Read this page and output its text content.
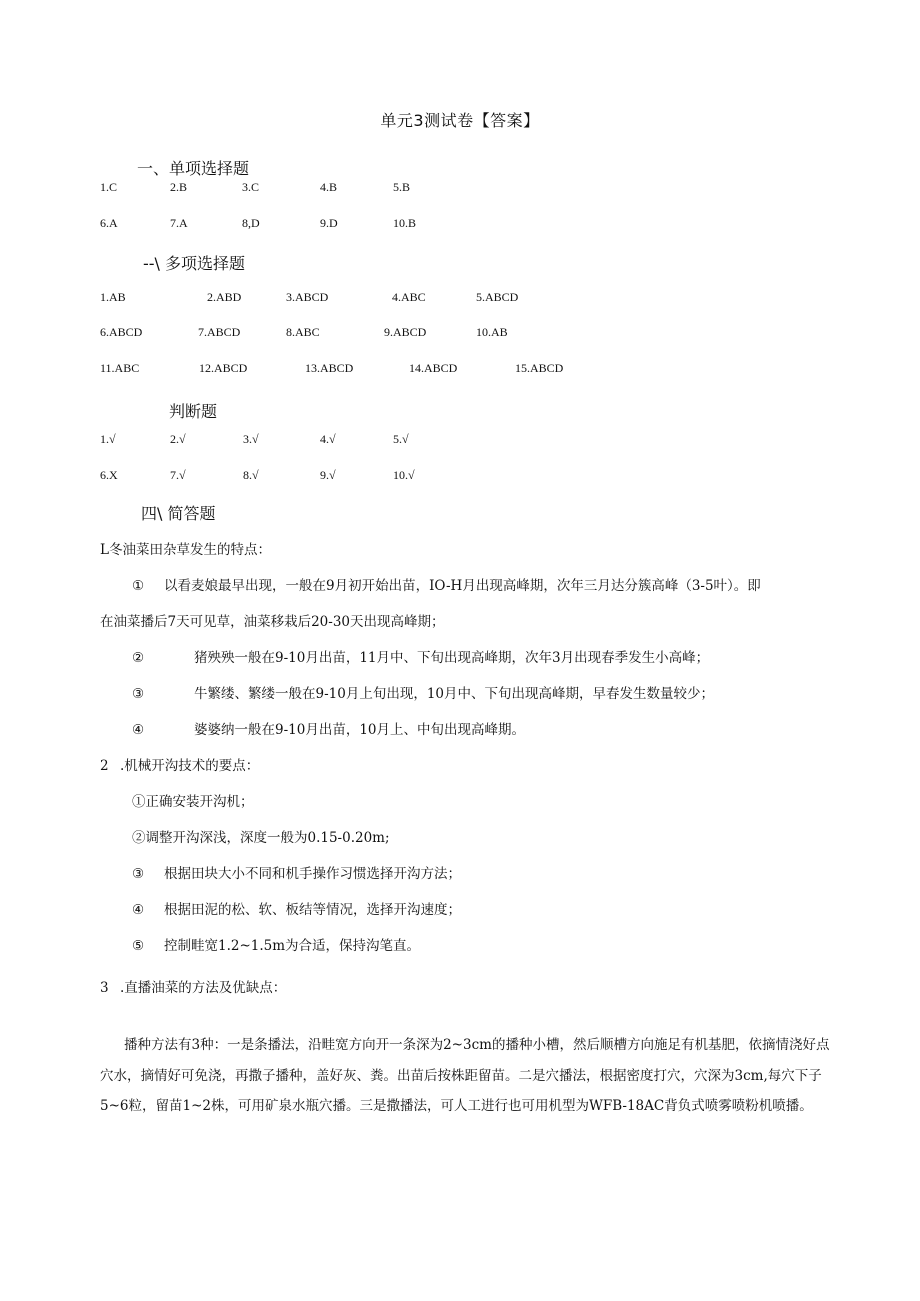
单元3测试卷【答案】
一、单项选择题
1.C	2.B	3.C	4.B	5.B
6.A	7.A	8,D	9.D	10.B
--\ 多项选择题
1.AB	2.ABD	3.ABCD	4.ABC	5.ABCD
6.ABCD	7.ABCD	8.ABC	9.ABCD	10.AB
11.ABC	12.ABCD	13.ABCD	14.ABCD	15.ABCD
判断题
1.√	2.√	3.√	4.√	5.√
6.X	7.√	8.√	9.√	10.√
四\ 简答题
L冬油菜田杂草发生的特点：
① 以看麦娘最早出现，一般在9月初开始出苗，IO-H月出现高峰期，次年三月达分簇高峰（3-5叶）。即
在油菜播后7天可见草，油菜移栽后20-30天出现高峰期；
②	猪殃殃一般在9-10月出苗，11月中、下旬出现高峰期，次年3月出现春季发生小高峰；
③	牛繁缕、繁缕一般在9-10月上旬出现，10月中、下旬出现高峰期，早春发生数量较少；
④	婆婆纳一般在9-10月出苗，10月上、中旬出现高峰期。
2 .机械开沟技术的要点：
①正确安装开沟机；
②调整开沟深浅，深度一般为0.15-0.20m;
③ 根据田块大小不同和机手操作习惯选择开沟方法；
④ 根据田泥的松、软、板结等情况，选择开沟速度；
⑤ 控制畦宽1.2~1.5m为合适，保持沟笔直。
3 .直播油菜的方法及优缺点：
播种方法有3种：一是条播法，沿畦宽方向开一条深为2~3cm的播种小槽，然后顺槽方向施足有机基肥，依摘情浇好点穴水，摘情好可免浇，再撒子播种，盖好灰、粪。出苗后按株距留苗。二是穴播法，根据密度打穴，穴深为3cm,每穴下子5~6粒，留苗1~2株，可用矿泉水瓶穴播。三是撒播法，可人工进行也可用机型为WFB-18AC背负式喷雾喷粉机喷播。
